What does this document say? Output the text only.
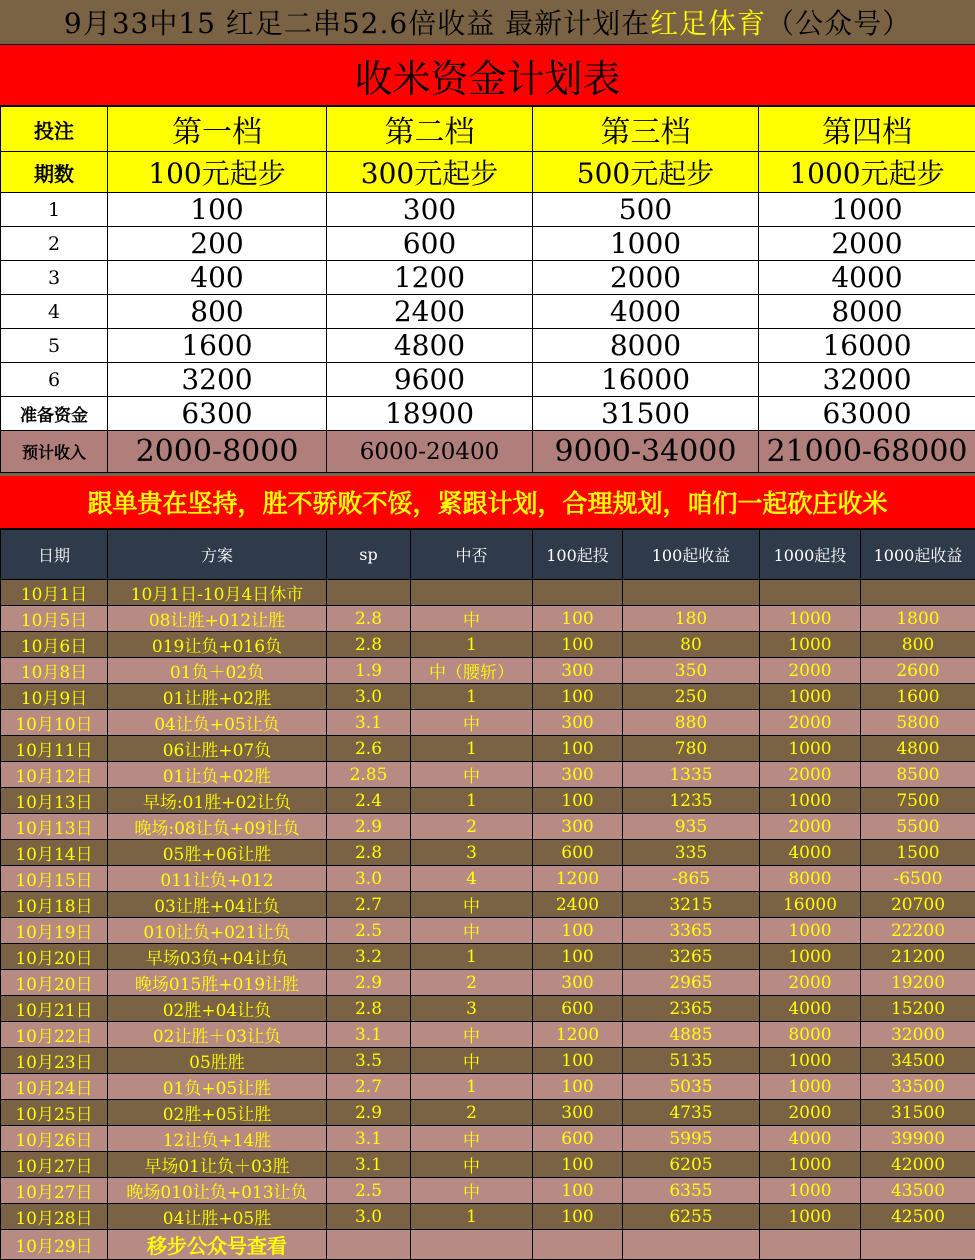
9月33中15 红足二串52.6倍收益 最新计划在 红足体育 （公众号）
收米资金计划表
投注	第一档	第二档	第三档	第四档
期数	100元起步	300元起步	500元起步	1000元起步
1	100	300	500	1000
2	200	600	1000	2000
3	400	1200	2000	4000
4	800	2400	4000	8000
5	1600	4800	8000	16000
6	3200	9600	16000	32000
准备资金	6300	18900	31500	63000
预计收入	2000-8000	6000-20400	9000-34000	21000-68000
跟单贵在坚持，胜不骄败不馁，紧跟计划，合理规划，咱们一起砍庄收米
日期	方案	sp	中否	100起投	100起收益	1000起投	1000起收益
10月1日	10月1日-10月4日休市						
10月5日	08让胜+012让胜	2.8	中	100	180	1000	1800
10月6日	019让负+016负	2.8	1	100	80	1000	800
10月8日	01负＋02负	1.9	中（腰斩）	300	350	2000	2600
10月9日	01让胜+02胜	3.0	1	100	250	1000	1600
10月10日	04让负+05让负	3.1	中	300	880	2000	5800
10月11日	06让胜+07负	2.6	1	100	780	1000	4800
10月12日	01让负+02胜	2.85	中	300	1335	2000	8500
10月13日	早场:01胜+02让负	2.4	1	100	1235	1000	7500
10月13日	晚场:08让负+09让负	2.9	2	300	935	2000	5500
10月14日	05胜+06让胜	2.8	3	600	335	4000	1500
10月15日	011让负+012	3.0	4	1200	-865	8000	-6500
10月18日	03让胜+04让负	2.7	中	2400	3215	16000	20700
10月19日	010让负+021让负	2.5	中	100	3365	1000	22200
10月20日	早场03负+04让负	3.2	1	100	3265	1000	21200
10月20日	晚场015胜+019让胜	2.9	2	300	2965	2000	19200
10月21日	02胜+04让负	2.8	3	600	2365	4000	15200
10月22日	02让胜＋03让负	3.1	中	1200	4885	8000	32000
10月23日	05胜胜	3.5	中	100	5135	1000	34500
10月24日	01负+05让胜	2.7	1	100	5035	1000	33500
10月25日	02胜+05让胜	2.9	2	300	4735	2000	31500
10月26日	12让负+14胜	3.1	中	600	5995	4000	39900
10月27日	早场01让负＋03胜	3.1	中	100	6205	1000	42000
10月27日	晚场010让负+013让负	2.5	中	100	6355	1000	43500
10月28日	04让胜+05胜	3.0	1	100	6255	1000	42500
10月29日	移步公众号查看						
